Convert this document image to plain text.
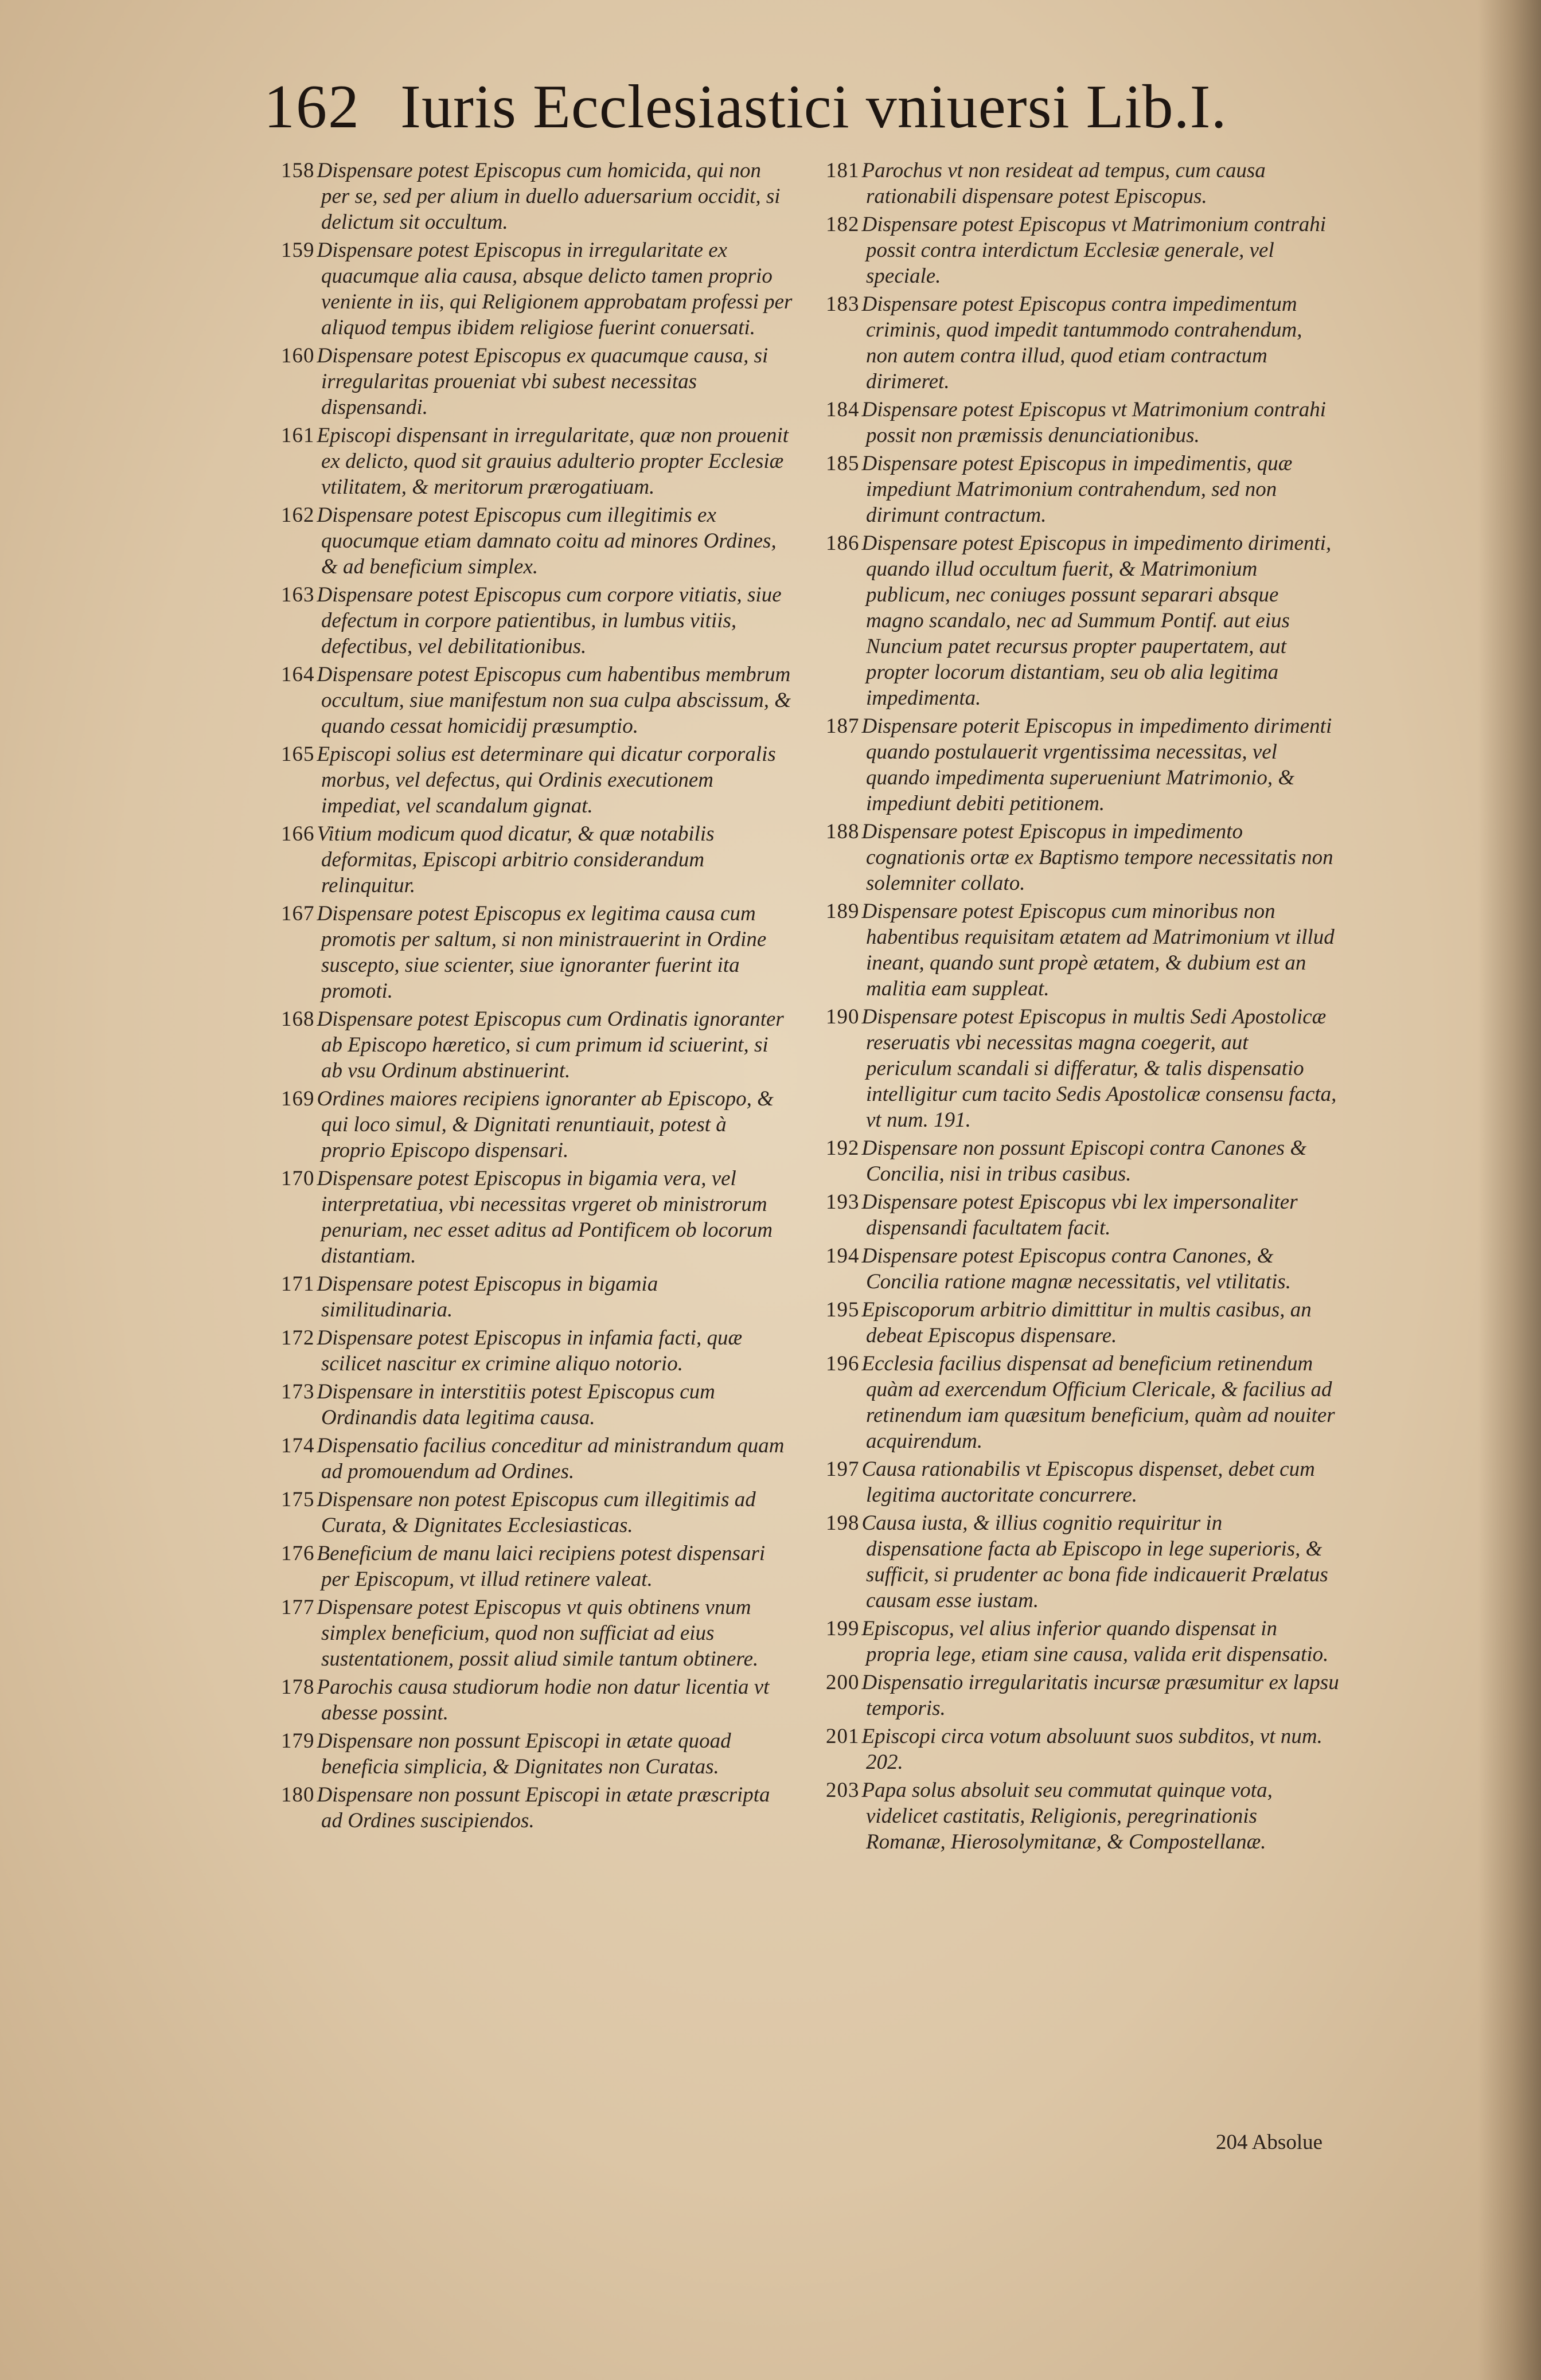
162 Iuris Ecclesiastici vniuersi Lib.I.

158 Dispensare potest Episcopus cum homicida, qui non per se, sed per alium in duello aduersarium occidit, si delictum sit occultum.

159 Dispensare potest Episcopus in irregularitate ex quacumque alia causa, absque delicto tamen proprio veniente in iis, qui Religionem approbatam professi per aliquod tempus ibidem religiose fuerint conuersati.

160 Dispensare potest Episcopus ex quacumque causa, si irregularitas proueniat vbi subest necessitas dispensandi.

161 Episcopi dispensant in irregularitate, quæ non prouenit ex delicto, quod sit grauius adulterio propter Ecclesiæ vtilitatem, & meritorum prærogatiuam.

162 Dispensare potest Episcopus cum illegitimis ex quocumque etiam damnato coitu ad minores Ordines, & ad beneficium simplex.

163 Dispensare potest Episcopus cum corpore vitiatis, siue defectum in corpore patientibus, in lumbus vitiis, defectibus, vel debilitationibus.

164 Dispensare potest Episcopus cum habentibus membrum occultum, siue manifestum non sua culpa abscissum, & quando cessat homicidij præsumptio.

165 Episcopi solius est determinare qui dicatur corporalis morbus, vel defectus, qui Ordinis executionem impediat, vel scandalum gignat.

166 Vitium modicum quod dicatur, & quæ notabilis deformitas, Episcopi arbitrio considerandum relinquitur.

167 Dispensare potest Episcopus ex legitima causa cum promotis per saltum, si non ministrauerint in Ordine suscepto, siue scienter, siue ignoranter fuerint ita promoti.

168 Dispensare potest Episcopus cum Ordinatis ignoranter ab Episcopo hæretico, si cum primum id sciuerint, si ab vsu Ordinum abstinuerint.

169 Ordines maiores recipiens ignoranter ab Episcopo, & qui loco simul, & Dignitati renuntiauit, potest à proprio Episcopo dispensari.

170 Dispensare potest Episcopus in bigamia vera, vel interpretatiua, vbi necessitas vrgeret ob ministrorum penuriam, nec esset aditus ad Pontificem ob locorum distantiam.

171 Dispensare potest Episcopus in bigamia similitudinaria.

172 Dispensare potest Episcopus in infamia facti, quæ scilicet nascitur ex crimine aliquo notorio.

173 Dispensare in interstitiis potest Episcopus cum Ordinandis data legitima causa.

174 Dispensatio facilius conceditur ad ministrandum quam ad promouendum ad Ordines.

175 Dispensare non potest Episcopus cum illegitimis ad Curata, & Dignitates Ecclesiasticas.

176 Beneficium de manu laici recipiens potest dispensari per Episcopum, vt illud retinere valeat.

177 Dispensare potest Episcopus vt quis obtinens vnum simplex beneficium, quod non sufficiat ad eius sustentationem, possit aliud simile tantum obtinere.

178 Parochis causa studiorum hodie non datur licentia vt abesse possint.

179 Dispensare non possunt Episcopi in ætate quoad beneficia simplicia, & Dignitates non Curatas.

180 Dispensare non possunt Episcopi in ætate præscripta ad Ordines suscipiendos.

181 Parochus vt non resideat ad tempus, cum causa rationabili dispensare potest Episcopus.

182 Dispensare potest Episcopus vt Matrimonium contrahi possit contra interdictum Ecclesiæ generale, vel speciale.

183 Dispensare potest Episcopus contra impedimentum criminis, quod impedit tantummodo contrahendum, non autem contra illud, quod etiam contractum dirimeret.

184 Dispensare potest Episcopus vt Matrimonium contrahi possit non præmissis denunciationibus.

185 Dispensare potest Episcopus in impedimentis, quæ impediunt Matrimonium contrahendum, sed non dirimunt contractum.

186 Dispensare potest Episcopus in impedimento dirimenti, quando illud occultum fuerit, & Matrimonium publicum, nec coniuges possunt separari absque magno scandalo, nec ad Summum Pontif. aut eius Nuncium patet recursus propter paupertatem, aut propter locorum distantiam, seu ob alia legitima impedimenta.

187 Dispensare poterit Episcopus in impedimento dirimenti quando postulauerit vrgentissima necessitas, vel quando impedimenta superueniunt Matrimonio, & impediunt debiti petitionem.

188 Dispensare potest Episcopus in impedimento cognationis ortæ ex Baptismo tempore necessitatis non solemniter collato.

189 Dispensare potest Episcopus cum minoribus non habentibus requisitam ætatem ad Matrimonium vt illud ineant, quando sunt propè ætatem, & dubium est an malitia eam suppleat.

190 Dispensare potest Episcopus in multis Sedi Apostolicæ reseruatis vbi necessitas magna coegerit, aut periculum scandali si differatur, & talis dispensatio intelligitur cum tacito Sedis Apostolicæ consensu facta, vt num. 191.

192 Dispensare non possunt Episcopi contra Canones & Concilia, nisi in tribus casibus.

193 Dispensare potest Episcopus vbi lex impersonaliter dispensandi facultatem facit.

194 Dispensare potest Episcopus contra Canones, & Concilia ratione magnæ necessitatis, vel vtilitatis.

195 Episcoporum arbitrio dimittitur in multis casibus, an debeat Episcopus dispensare.

196 Ecclesia facilius dispensat ad beneficium retinendum quàm ad exercendum Officium Clericale, & facilius ad retinendum iam quæsitum beneficium, quàm ad nouiter acquirendum.

197 Causa rationabilis vt Episcopus dispenset, debet cum legitima auctoritate concurrere.

198 Causa iusta, & illius cognitio requiritur in dispensatione facta ab Episcopo in lege superioris, & sufficit, si prudenter ac bona fide indicauerit Prælatus causam esse iustam.

199 Episcopus, vel alius inferior quando dispensat in propria lege, etiam sine causa, valida erit dispensatio.

200 Dispensatio irregularitatis incursæ præsumitur ex lapsu temporis.

201 Episcopi circa votum absoluunt suos subditos, vt num. 202.

203 Papa solus absoluit seu commutat quinque vota, videlicet castitatis, Religionis, peregrinationis Romanæ, Hierosolymitanæ, & Compostellanæ.

204 Absolue
